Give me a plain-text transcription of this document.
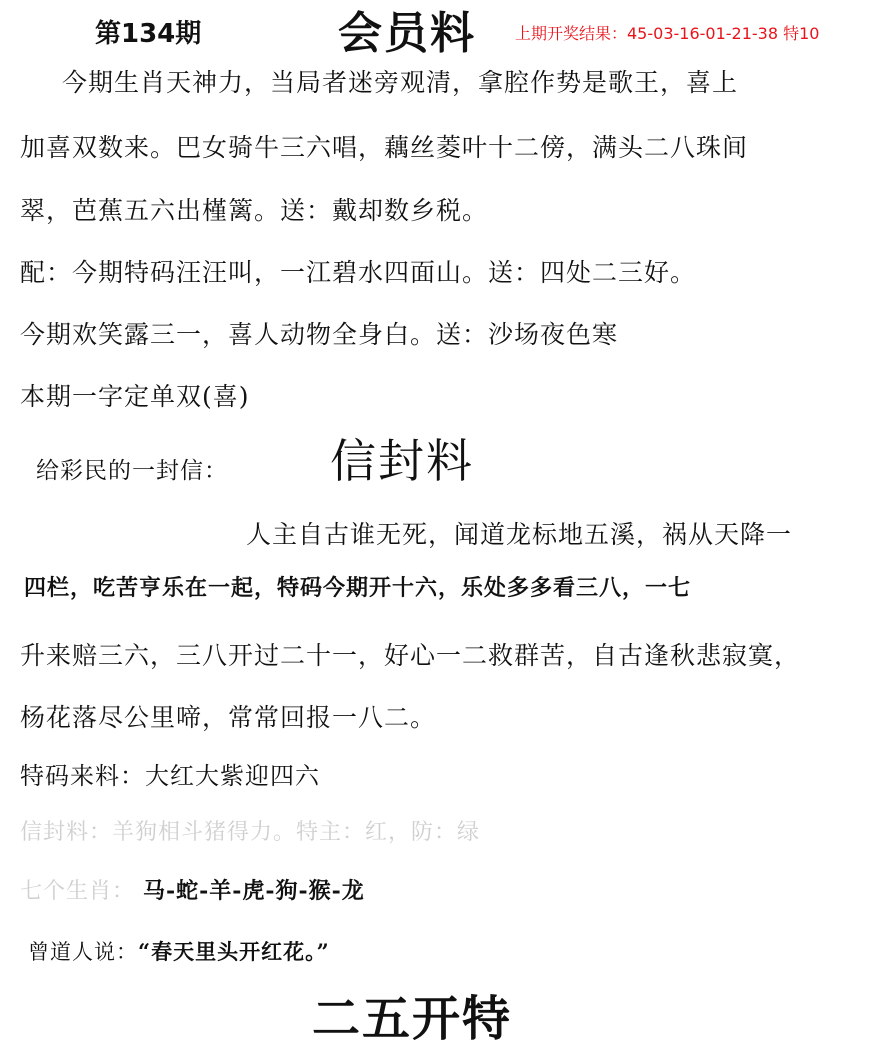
第134期	会员料 上期开奖结果：45-03-16-01-21-38 特10
今期生肖天神力，当局者迷旁观清，拿腔作势是歌王，喜上
加喜双数来。巴女骑牛三六唱，藕丝菱叶十二傍，满头二八珠间
翠，芭蕉五六出槿篱。送：戴却数乡税。
配：今期特码汪汪叫，一江碧水四面山。送：四处二三好。
今期欢笑露三一，喜人动物全身白。送：沙场夜色寒
本期一字定单双(喜)
给彩民的一封信： 信封料
人主自古谁无死，闻道龙标地五溪，祸从天降一
四栏，吃苦亨乐在一起，特码今期开十六，乐处多多看三八，一七
升来赔三六，三八开过二十一，好心一二救群苦，自古逢秋悲寂寞，
杨花落尽公里啼，常常回报一八二。
特码来料：大红大紫迎四六
信封料：羊狗相斗猪得力。特主：红，防：绿
七个生肖： 马-蛇-羊-虎-狗-猴-龙
曾道人说：“春天里头开红花。”
二五开特
